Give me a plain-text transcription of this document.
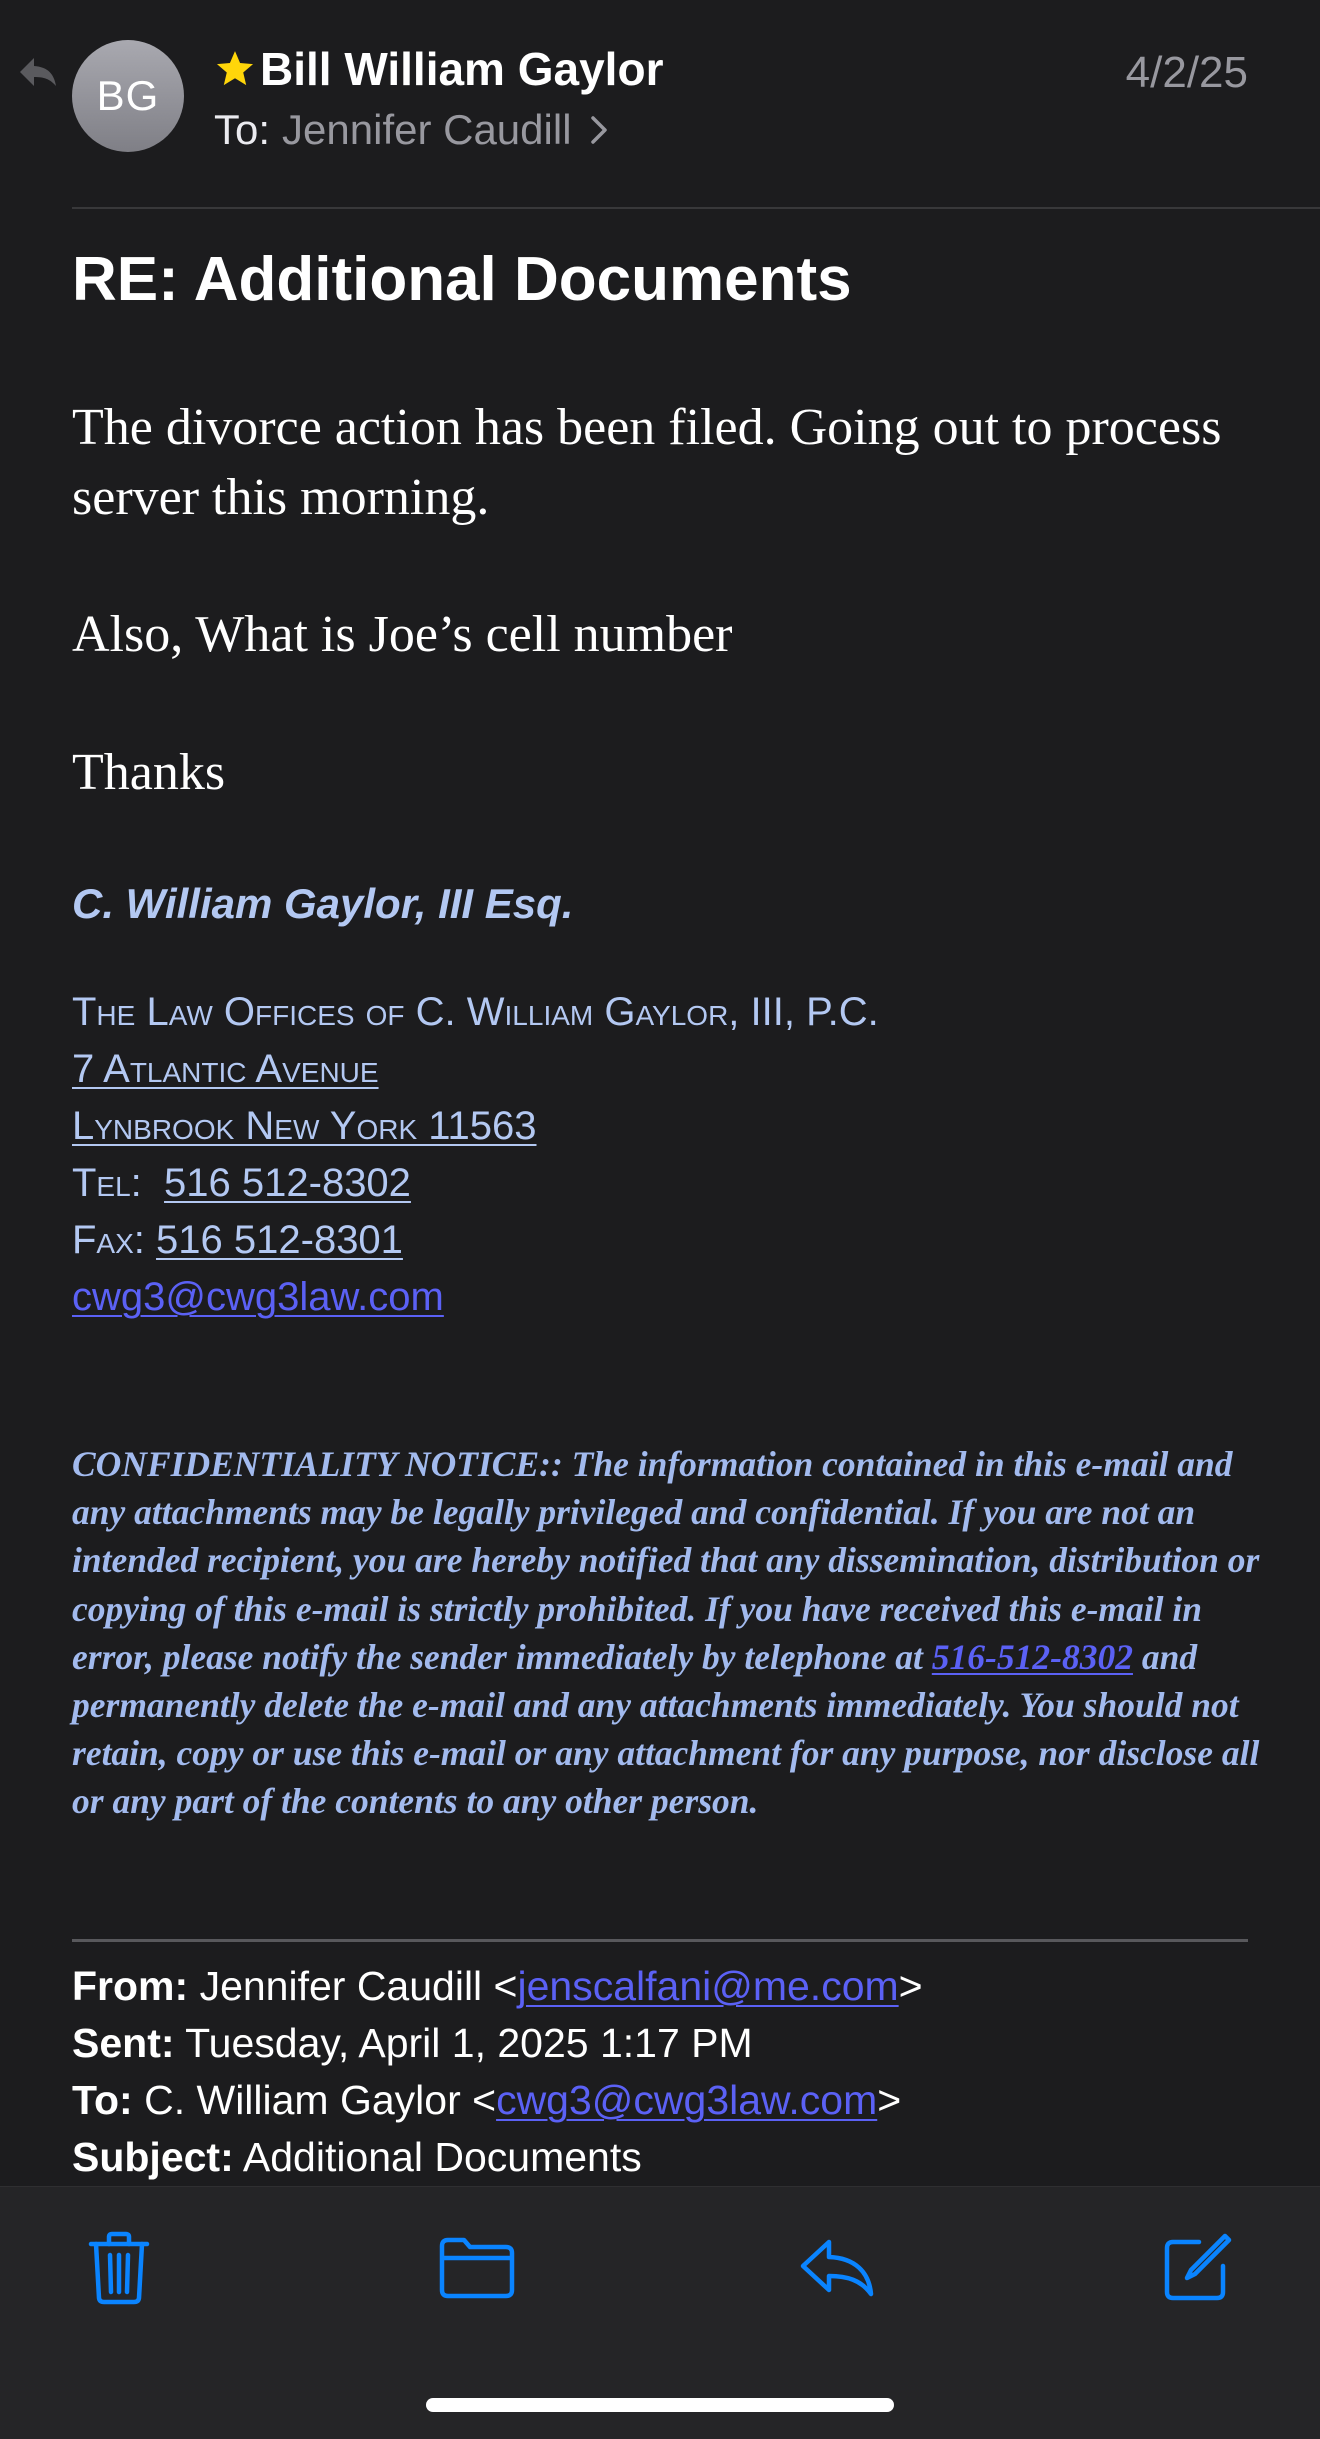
BG
Bill William Gaylor
To: Jennifer Caudill
4/2/25
RE: Additional Documents
The divorce action has been filed. Going out to process server this morning.
Also, What is Joe’s cell number
Thanks
C. William Gaylor, III Esq.
The Law Offices of C. William Gaylor, III, P.C.
7 Atlantic Avenue
Lynbrook New York 11563
Tel: 516 512-8302
Fax: 516 512-8301
cwg3@cwg3law.com
CONFIDENTIALITY NOTICE:: The information contained in this e-mail and any attachments may be legally privileged and confidential. If you are not an intended recipient, you are hereby notified that any dissemination, distribution or copying of this e-mail is strictly prohibited. If you have received this e-mail in error, please notify the sender immediately by telephone at 516-512-8302 and permanently delete the e-mail and any attachments immediately. You should not retain, copy or use this e-mail or any attachment for any purpose, nor disclose all or any part of the contents to any other person.
From: Jennifer Caudill <jenscalfani@me.com>
Sent: Tuesday, April 1, 2025 1:17 PM
To: C. William Gaylor <cwg3@cwg3law.com>
Subject: Additional Documents
